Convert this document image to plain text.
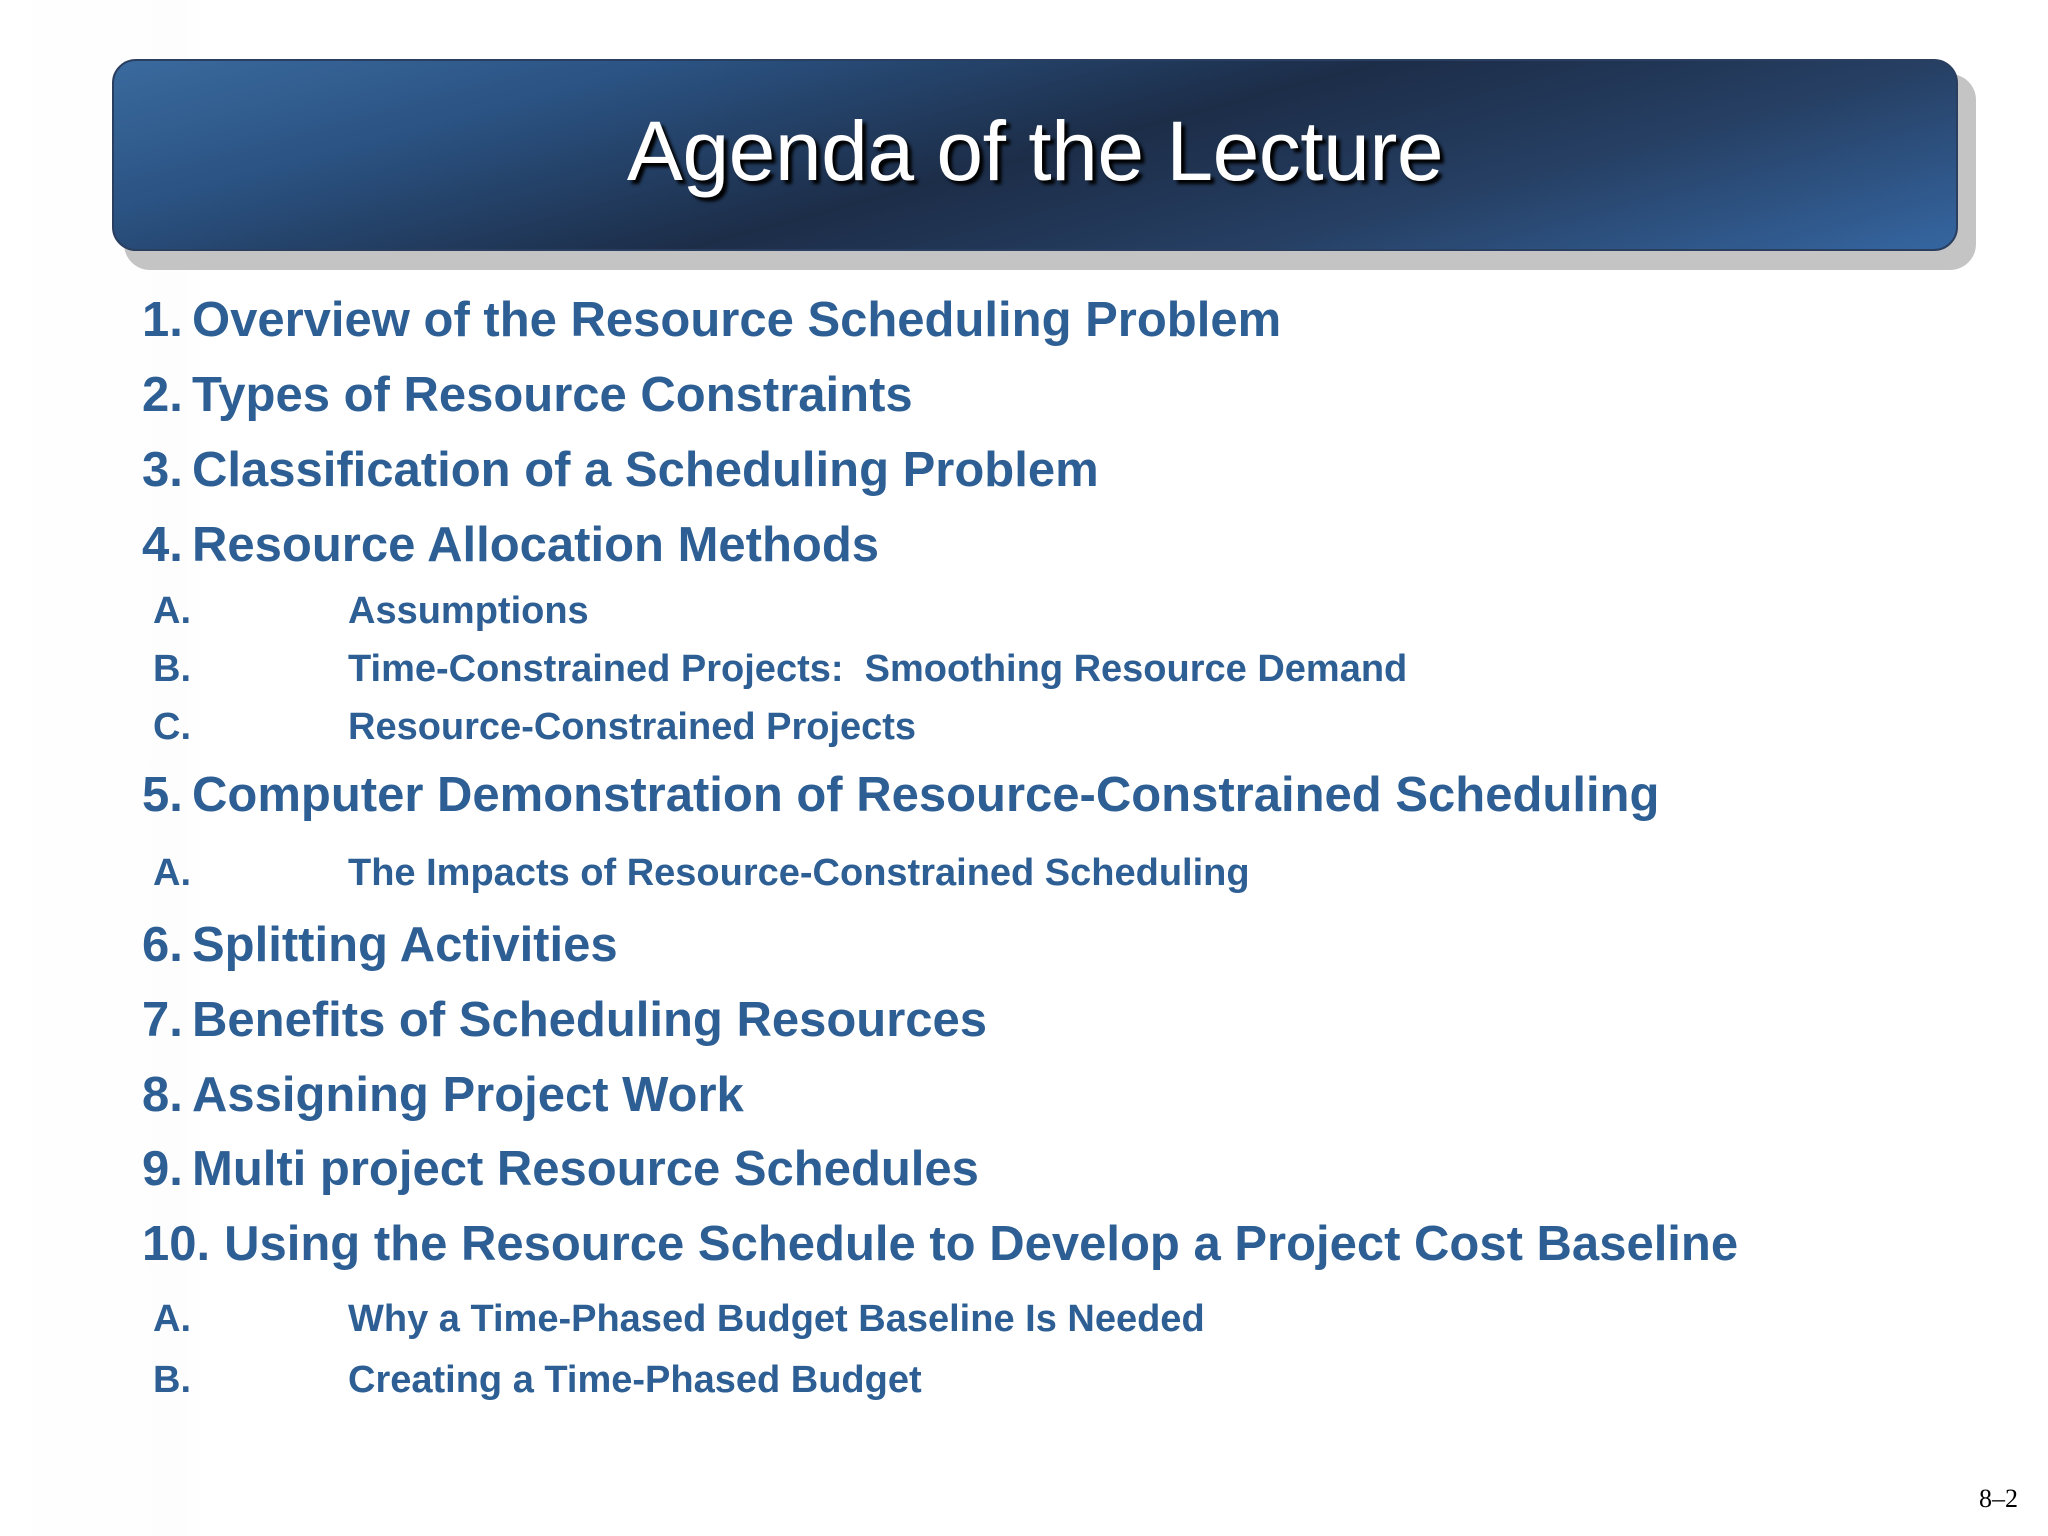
Agenda of the Lecture
1. Overview of the Resource Scheduling Problem
2. Types of Resource Constraints
3. Classification of a Scheduling Problem
4. Resource Allocation Methods
A.	Assumptions
B.	Time-Constrained Projects:  Smoothing Resource Demand
C.	Resource-Constrained Projects
5. Computer Demonstration of Resource-Constrained Scheduling
A.	The Impacts of Resource-Constrained Scheduling
6. Splitting Activities
7. Benefits of Scheduling Resources
8. Assigning Project Work
9. Multi project Resource Schedules
10. Using the Resource Schedule to Develop a Project Cost Baseline
A.	Why a Time-Phased Budget Baseline Is Needed
B.	Creating a Time-Phased Budget
8–2
